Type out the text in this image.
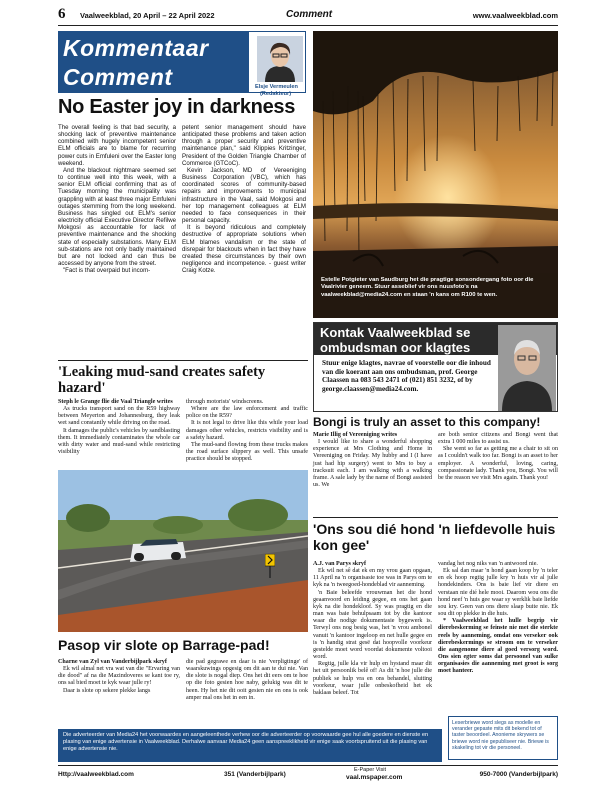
6 Vaalweekblad, 20 April – 22 April 2022	Comment	www.vaalweekblad.com
Kommentaar
Comment	Elsje Vermeulen
(Redakteur)
Estelle Potgieter van Saudburg het die pragtige sonsondergang foto oor die Vaalrivier geneem. Stuur asseblief vir ons nuusfoto's na vaalweekblad@media24.com en staan 'n kans om R100 te wen.
No Easter joy in darkness

The overall feeling is that bad security, a shocking lack of preventive maintenance combined with hugely incompetent senior ELM officials are to blame for recurring power cuts in Emfuleni over the Easter long weekend.

And the blackout nightmare seemed set to continue well into this week, with a senior ELM official confirming that as of Tuesday morning the municipality was grappling with at least three major Emfuleni outages stemming from the long weekend. Business has singled out ELM's senior electricity official Executive Director Refilwe Mokgosi as accountable for lack of preventive maintenance and the shocking state of especially substations. Many ELM sub-stations are not only badly maintained but are not locked and can thus be accessed by anyone from the street.

"Fact is that overpaid but incom-

petent senior management should have anticipated these problems and taken action through a proper security and preventive maintenance plan," said Klippies Kritzinger, President of the Golden Triangle Chamber of Commerce (GTCoC).

Kevin Jackson, MD of Vereeniging Business Corporation (VBC), which has coordinated scores of community-based repairs and improvements to municipal infrastructure in the Vaal, said Mokgosi and her top management colleagues at ELM needed to face consequences in their personal capacity.

It is beyond ridiculous and completely destructive of appropriate solutions when ELM blames vandalism or the state of disrepair for blackouts when in fact they have created these circumstances by their own negligence and incompetence. - guest writer Craig Kotze.

'Leaking mud-sand creates safety hazard'

Steph le Grange flie die Vaal Triangle writes

As trucks transport sand on the R59 highway between Meyerton and Johannesburg, they leak wet sand constantly while driving on the road.

It damages the public's vehicles by sandblasting them. It immediately contaminates the whole car with dirty water and mud-sand while restricting visibility

through motorists' windscreens.

Where are the law enforcement and traffic police on the R59?

It is not legal to drive like this while your load damages other vehicles, restricts visibility and is a safety hazard.

The mud-sand flowing from these trucks makes the road surface slippery as well. This unsafe practice should be stopped.

Pasop vir slote op Barrage-pad!

Charne van Zyl van Vanderbijlpark skryf

Ek wil almal net vra wat van die "Ervaring van die dood" af na die Mazindoveres se kant toe ry, ons sal bied moet te kyk waar julle ry!

Daar is slote op sekere plekke langs

die pad gegrawe en daar is nie 'verpligtinge' of waarskuwings opgesig om dit aan te dui nie. Van die slote is nogal diep. Ons het dit eers om te hoe op die foto gesien hoe naby, gelukig was dit te heen. Hy het nie dit ooit gesien nie en ons is ook amper mal ons het in een in.

Kontak Vaalweekblad se
ombudsman oor klagtes
Stuur enige klagtes, navrae of voorstelle oor die inhoud van die koerant aan ons ombudsman, prof. George Claassen na 083 543 2471 of (021) 851 3232, of by george.claassen@media24.com.
Bongi is truly an asset to this company!

Marie Illig of Vereeniging writes

I would like to share a wonderful shopping experience at Mrs Clothing and Home in Vereeniging on Friday. My hubby and I (I have just had hip surgery) went to Mrs to buy a tracksuit each. I am walking with a walking frame. A sale lady by the name of Bongi assisted us. We

are both senior citizens and Bongi went that extra 1 000 miles to assist us.

She went so far as getting me a chair to sit on as I couldn't walk too far. Bongi is an asset to her employer. A wonderful, loving, caring, compassionate lady. Thank you, Bongi. You will be the reason we visit Mrs again. Thank you!

'Ons sou dié hond 'n liefdevolle huis kon gee'

A.J. van Parys skryf

Ek wil net sê dat ek en my vrou gaan opgaan, 11 April na 'n organisasie toe was in Parys om te kyk na 'n tweegoed-hondeblad vir aanneming.

'n Baie beleefde vrouwman het die hond geaanvoord en leiding gegee, en ons het gaan kyk na die hondekloof. Sy was pragtig en die man was baie behulpsaam tot by die kantoor waar die nodige dokumentasie bygewerk is. Terwyl ons nog besig was, het 'n vrou ambonel vanuit 'n kantoor ingeloop en net hulle gegee en is 'n handig strat gesë dat hoopvolle voorkeur gestelde moet word voordat dokumente voltooi word.

Regtig, julle kla vir hulp en hystand maar dit het uit persoonlik belê of! As dit 'n hoe julle die publiek se hulp vra en ons behandel, sluiting voorkeur, waar julle onbeskofheid het ek baklaas beleef. Tot

vandag het nog niks van 'n antwoord nie.

Ek sal dan maar 'n hond gaan koop by 'n teler en ek hoop regtig julle kry 'n huis vir al julle hondekinders. Ons is baie lief vir diere en verstaan nie dié hele mooi. Daarom wou ons die hond neef 'n huis gee waar sy werklik baie liefde sou kry. Geen van ons diere slaap buite nie. Ek sou dit op plekke in die huis.

* Vaalweekblad het hulle begrip vir dierebeskerming se feinste nie met die sterkte reels by aanneming, omdat ons verseker ook dierebeskermings se stroom om te verseker die aangenome diere al goed versorg word. Ons sien egter soms dat persoonel van sulke organisasies die aanneming met groot is sorg moet hanteer.

Leserbriewe word slegs as modelle en verander gepaste mits dit bekend tot of taster beoordeel. Anonieme skrywers se briewe word nie gepubliseer nie. Briewe is skakeling tot vir die personeel.
Die adverteerder van Media24 het voorwaardes en aangeleenthede verhew oor die adverteerder op voorwaarde gee hul alle goedere en dienste en plasing van enige advertensie in Vaalweekblad. Derhalwe aanvaar Media24 geen aanspreeklikheid vir enige saak voortspruitend uit die plasing van enige advertensie nie.
Http://vaalweekblad.com	351 (Vanderbijlpark)
E-Paper Visit
vaal.mspaper.com	950-7000 (Vanderbijlpark)
